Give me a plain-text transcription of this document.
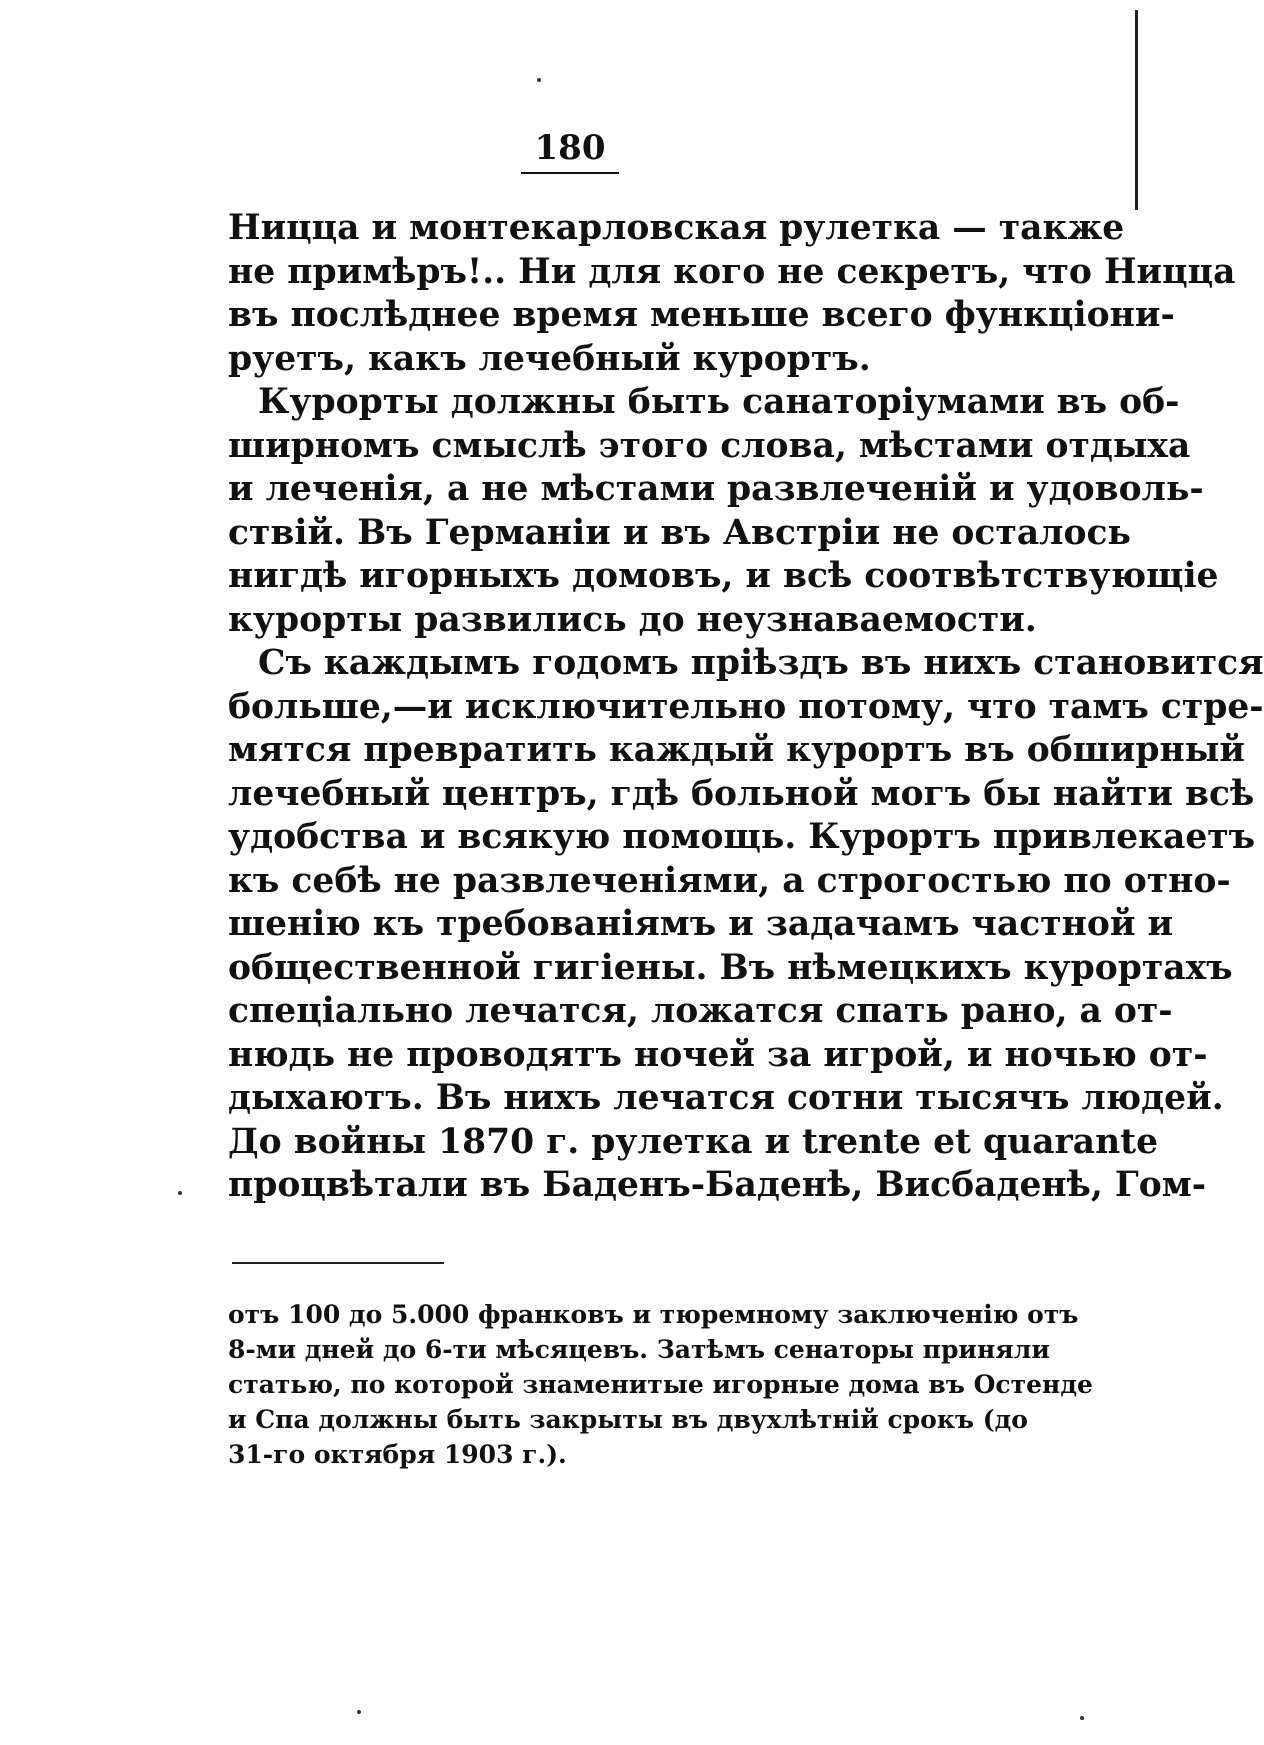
180
Ницца и монтекарловская рулетка — также
не примѣръ!.. Ни для кого не секретъ, что Ницца
въ послѣднее время меньше всего функціони-
руетъ, какъ лечебный курортъ.
Курорты должны быть санаторіумами въ об-
ширномъ смыслѣ этого слова, мѣстами отдыха
и леченія, а не мѣстами развлеченій и удоволь-
ствій. Въ Германіи и въ Австріи не осталось
нигдѣ игорныхъ домовъ, и всѣ соотвѣтствующіе
курорты развились до неузнаваемости.
Съ каждымъ годомъ пріѣздъ въ нихъ становится
больше,—и исключительно потому, что тамъ стре-
мятся превратить каждый курортъ въ обширный
лечебный центръ, гдѣ больной могъ бы найти всѣ
удобства и всякую помощь. Курортъ привлекаетъ
къ себѣ не развлеченіями, а строгостью по отно-
шенію къ требованіямъ и задачамъ частной и
общественной гигіены. Въ нѣмецкихъ курортахъ
спеціально лечатся, ложатся спать рано, а от-
нюдь не проводятъ ночей за игрой, и ночью от-
дыхаютъ. Въ нихъ лечатся сотни тысячъ людей.
До войны 1870 г. рулетка и trente et quarante
процвѣтали въ Баденъ-Баденѣ, Висбаденѣ, Гом-
отъ 100 до 5.000 франковъ и тюремному заключенію отъ
8-ми дней до 6-ти мѣсяцевъ. Затѣмъ сенаторы приняли
статью, по которой знаменитые игорные дома въ Остенде
и Спа должны быть закрыты въ двухлѣтній срокъ (до
31-го октября 1903 г.).
